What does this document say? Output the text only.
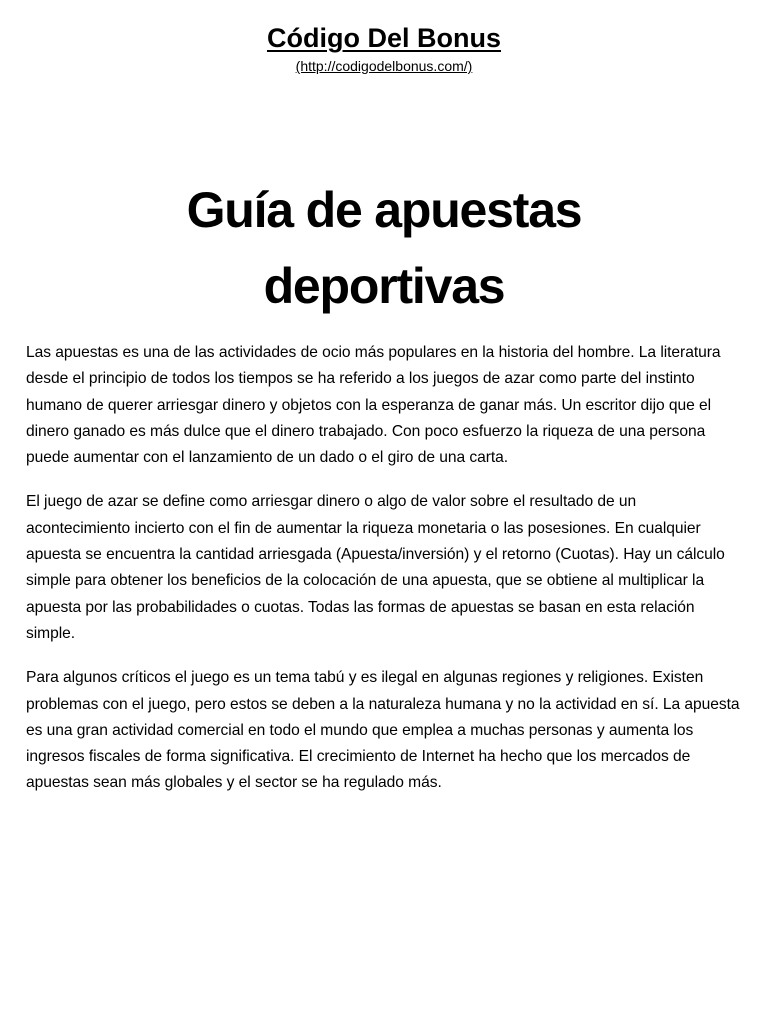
Código Del Bonus
(http://codigodelbonus.com/)
Guía de apuestas
deportivas

Las apuestas es una de las actividades de ocio más populares en la historia del hombre. La literatura desde el principio de todos los tiempos se ha referido a los juegos de azar como parte del instinto humano de querer arriesgar dinero y objetos con la esperanza de ganar más. Un escritor dijo que el dinero ganado es más dulce que el dinero trabajado. Con poco esfuerzo la riqueza de una persona puede aumentar con el lanzamiento de un dado o el giro de una carta.

El juego de azar se define como arriesgar dinero o algo de valor sobre el resultado de un acontecimiento incierto con el fin de aumentar la riqueza monetaria o las posesiones. En cualquier apuesta se encuentra la cantidad arriesgada (Apuesta/inversión) y el retorno (Cuotas). Hay un cálculo simple para obtener los beneficios de la colocación de una apuesta, que se obtiene al multiplicar la apuesta por las probabilidades o cuotas. Todas las formas de apuestas se basan en esta relación simple.

Para algunos críticos el juego es un tema tabú y es ilegal en algunas regiones y religiones. Existen problemas con el juego, pero estos se deben a la naturaleza humana y no la actividad en sí. La apuesta es una gran actividad comercial en todo el mundo que emplea a muchas personas y aumenta los ingresos fiscales de forma significativa. El crecimiento de Internet ha hecho que los mercados de apuestas sean más globales y el sector se ha regulado más.
